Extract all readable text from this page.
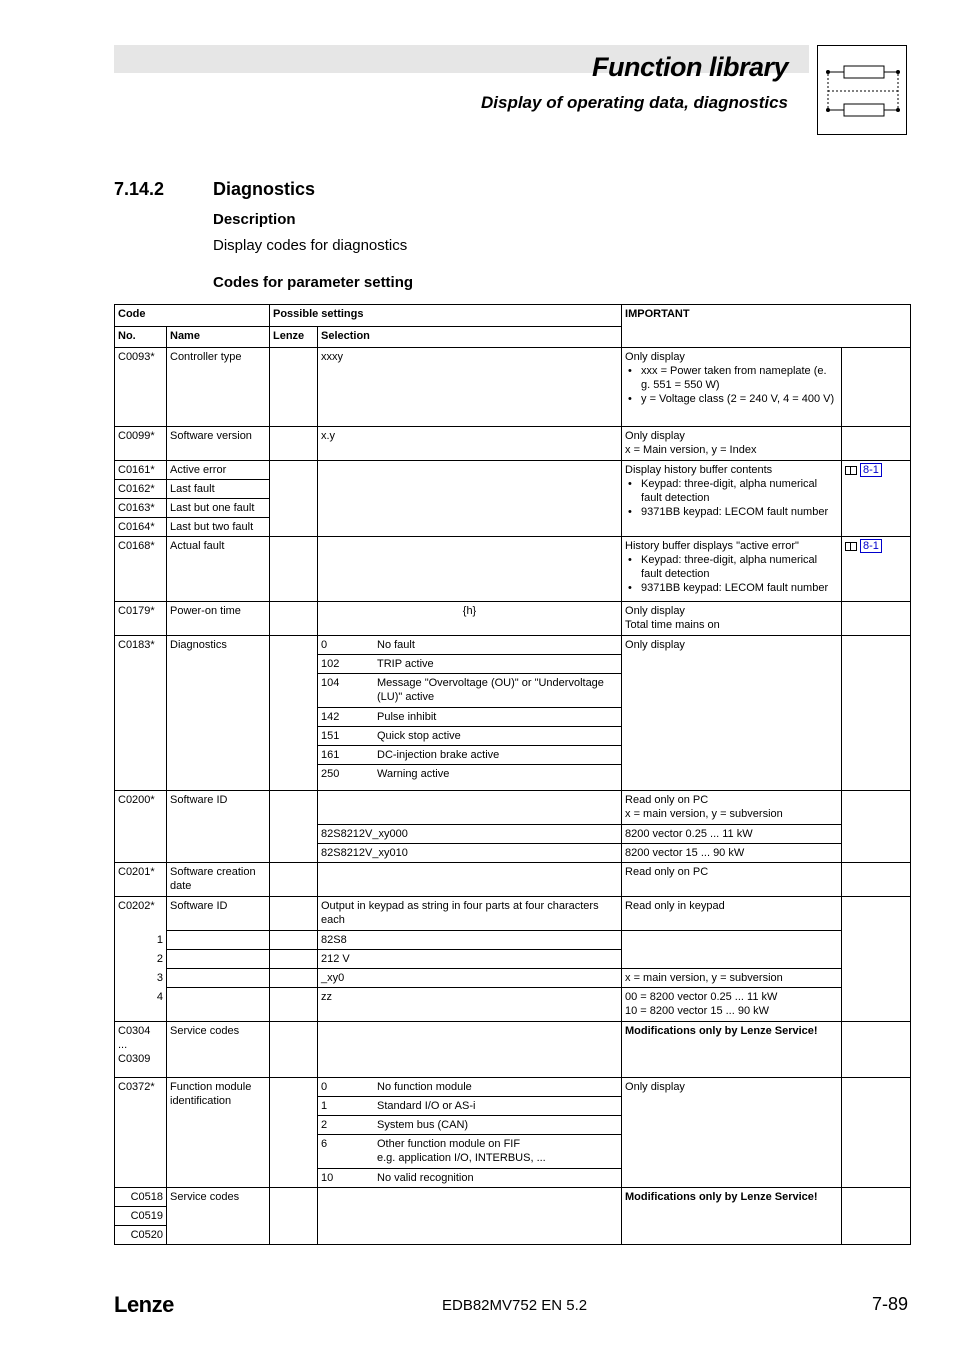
Function library
Display of operating data, diagnostics
7.14.2	Diagnostics
Description
Display codes for diagnostics
Codes for parameter setting
Code		Possible settings		IMPORTANT	
No.	Name	Lenze	Selection		
C0093*	Controller type		xxxy	Only display
• xxx = Power taken from nameplate (e. g. 551 = 550 W)
• y = Voltage class (2 = 240 V, 4 = 400 V)

C0099*	Software version		x.y	Only display
x = Main version, y = Index	

C0161*	Active error			Display history buffer contents
• Keypad: three-digit, alpha numerical fault detection
• 9371BB keypad: LECOM fault number	8-1
C0162*	Last fault				
C0163*	Last but one fault				
C0164*	Last but two fault				
C0168*	Actual fault			History buffer displays "active error"
• Keypad: three-digit, alpha numerical fault detection
• 9371BB keypad: LECOM fault number	8-1
C0179*	Power-on time		{h}	Only display
Total time mains on	

C0183*	Diagnostics		0 No fault	Only display	

			102 TRIP active		

			104 Message "Overvoltage (OU)" or "Undervoltage (LU)" active		

			142 Pulse inhibit		

			151 Quick stop active		

			161 DC-injection brake active		

			250 Warning active		

C0200*	Software ID			Read only on PC
x = main version, y = subversion	

			82S8212V_xy000	8200 vector 0.25 ... 11 kW	
			82S8212V_xy010	8200 vector 15 ... 90 kW	
C0201*	Software creation date			Read only on PC	
C0202*	Software ID		Output in keypad as string in four parts at four characters each	Read only in keypad	
1			82S8		
2			212 V		
3			_xy0	x = main version, y = subversion	
4			zz	00 = 8200 vector 0.25 ... 11 kW
10 = 8200 vector 15 ... 90 kW	

C0304
...
C0309	Service codes			Modifications only by Lenze Service!	
C0372*	Function module identification		0 No function module	Only display	

			1 Standard I/O or AS-i		

			2 System bus (CAN)		

			6 Other function module on FIF
e.g. application I/O, INTERBUS, ...		

			10 No valid recognition		

C0518	Service codes			Modifications only by Lenze Service!	
C0519					
C0520					
Lenze	EDB82MV752 EN 5.2	7-89
